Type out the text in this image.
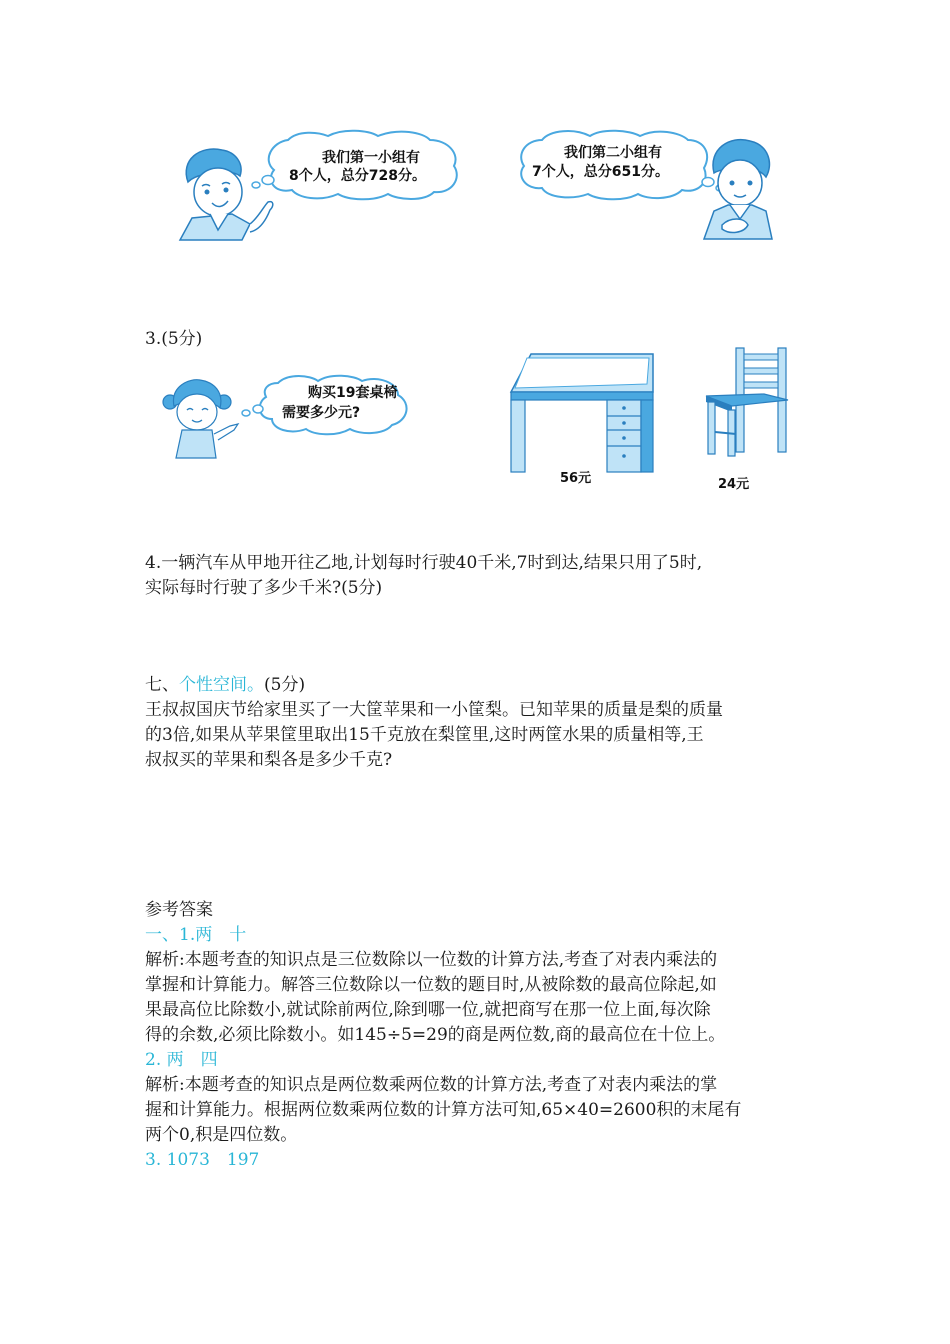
我们第一小组有
8个人，总分728分。
我们第二小组有
7个人，总分651分。
3.(5分)
购买19套桌椅
需要多少元?
56元	24元
4.一辆汽车从甲地开往乙地,计划每时行驶40千米,7时到达,结果只用了5时,
实际每时行驶了多少千米?(5分)
七、个性空间。(5分)
王叔叔国庆节给家里买了一大筐苹果和一小筐梨。已知苹果的质量是梨的质量
的3倍,如果从苹果筐里取出15千克放在梨筐里,这时两筐水果的质量相等,王
叔叔买的苹果和梨各是多少千克?
参考答案
一、1.两　十
解析:本题考查的知识点是三位数除以一位数的计算方法,考查了对表内乘法的
掌握和计算能力。解答三位数除以一位数的题目时,从被除数的最高位除起,如
果最高位比除数小,就试除前两位,除到哪一位,就把商写在那一位上面,每次除
得的余数,必须比除数小。如145÷5=29的商是两位数,商的最高位在十位上。
2. 两　四
解析:本题考查的知识点是两位数乘两位数的计算方法,考查了对表内乘法的掌
握和计算能力。根据两位数乘两位数的计算方法可知,65×40=2600积的末尾有
两个0,积是四位数。
3. 1073　197
